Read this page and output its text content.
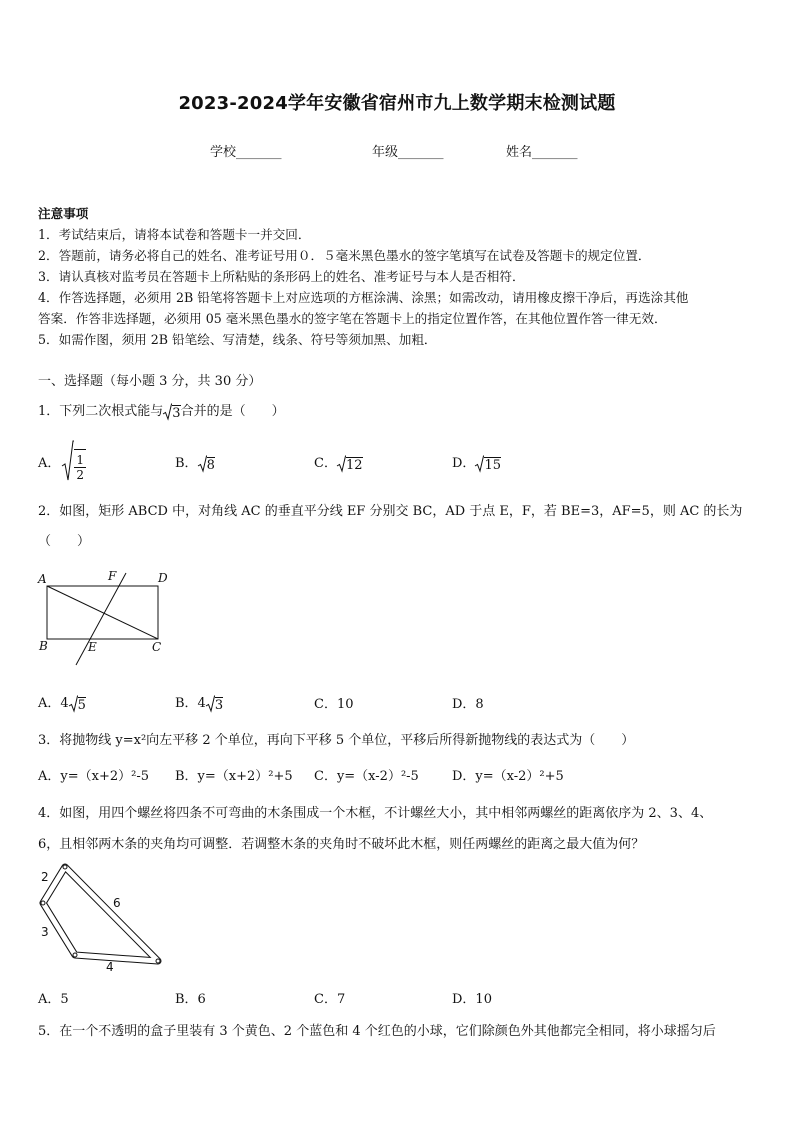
2023-2024学年安徽省宿州市九上数学期末检测试题
学校_______	年级_______	姓名_______
注意事项
1．考试结束后，请将本试卷和答题卡一并交回．
2．答题前，请务必将自己的姓名、准考证号用０．５毫米黑色墨水的签字笔填写在试卷及答题卡的规定位置．
3．请认真核对监考员在答题卡上所粘贴的条形码上的姓名、准考证号与本人是否相符．
4．作答选择题，必须用 2B 铅笔将答题卡上对应选项的方框涂满、涂黑；如需改动，请用橡皮擦干净后，再选涂其他
答案．作答非选择题，必须用 05 毫米黑色墨水的签字笔在答题卡上的指定位置作答，在其他位置作答一律无效．
5．如需作图，须用 2B 铅笔绘、写清楚，线条、符号等须加黑、加粗．
一、选择题（每小题 3 分，共 30 分）
1．下列二次根式能与 3 合并的是（　　）
A． $\frac{1}{2}$	B． 8	C． 12	D． 15
2．如图，矩形 ABCD 中，对角线 AC 的垂直平分线 EF 分别交 BC，AD 于点 E，F，若 BE=3，AF=5，则 AC 的长为
（　　）
A	F	D
B	E	C
A．4 5	B．4 3	C．10	D．8
3．将抛物线 y=x²向左平移 2 个单位，再向下平移 5 个单位，平移后所得新抛物线的表达式为（　　）
A．y=（x+2）²-5 B．y=（x+2）²+5 C．y=（x-2）²-5	D．y=（x-2）²+5
4．如图，用四个螺丝将四条不可弯曲的木条围成一个木框，不计螺丝大小，其中相邻两螺丝的距离依序为 2、3、4、
6，且相邻两木条的夹角均可调整．若调整木条的夹角时不破坏此木框，则任两螺丝的距离之最大值为何？
2
6
3
4
A．5	B．6	C．7	D．10
5．在一个不透明的盒子里装有 3 个黄色、2 个蓝色和 4 个红色的小球，它们除颜色外其他都完全相同，将小球摇匀后
